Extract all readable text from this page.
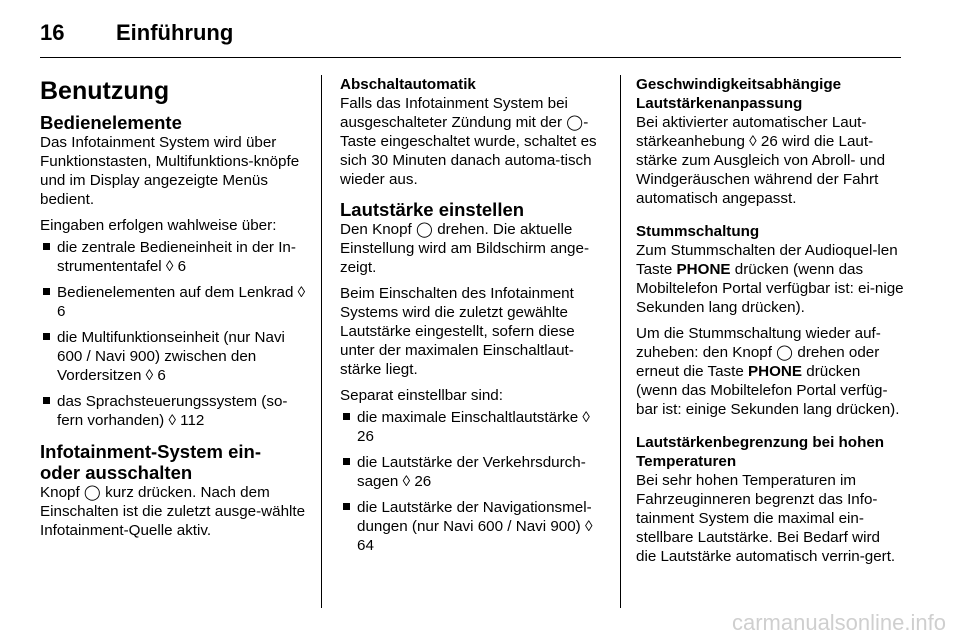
16 Einführung
Benutzung
Bedienelemente

Das Infotainment System wird über Funktionstasten, Multifunktions-knöpfe und im Display angezeigte Menüs bedient.

Eingaben erfolgen wahlweise über:

die zentrale Bedieneinheit in der In-strumententafel ◊ 6
Bedienelementen auf dem Lenkrad ◊ 6
die Multifunktionseinheit (nur Navi 600 / Navi 900) zwischen den Vordersitzen ◊ 6
das Sprachsteuerungssystem (so-fern vorhanden) ◊ 112
Infotainment-System ein- oder ausschalten

Knopf ◯ kurz drücken. Nach dem Einschalten ist die zuletzt ausge-wählte Infotainment-Quelle aktiv.

Abschaltautomatik

Falls das Infotainment System bei ausgeschalteter Zündung mit der ◯-Taste eingeschaltet wurde, schaltet es sich 30 Minuten danach automa-tisch wieder aus.

Lautstärke einstellen

Den Knopf ◯ drehen. Die aktuelle Einstellung wird am Bildschirm ange-zeigt.

Beim Einschalten des Infotainment Systems wird die zuletzt gewählte Lautstärke eingestellt, sofern diese unter der maximalen Einschaltlaut-stärke liegt.

Separat einstellbar sind:

die maximale Einschaltlautstärke ◊ 26
die Lautstärke der Verkehrsdurch-sagen ◊ 26
die Lautstärke der Navigationsmel-dungen (nur Navi 600 / Navi 900) ◊ 64
Geschwindigkeitsabhängige Lautstärkenanpassung

Bei aktivierter automatischer Laut-stärkeanhebung ◊ 26 wird die Laut-stärke zum Ausgleich von Abroll- und Windgeräuschen während der Fahrt automatisch angepasst.

Stummschaltung

Zum Stummschalten der Audioquel-len Taste PHONE drücken (wenn das Mobiltelefon Portal verfügbar ist: ei-nige Sekunden lang drücken).

Um die Stummschaltung wieder auf-zuheben: den Knopf ◯ drehen oder erneut die Taste PHONE drücken (wenn das Mobiltelefon Portal verfüg-bar ist: einige Sekunden lang drücken).

Lautstärkenbegrenzung bei hohen Temperaturen

Bei sehr hohen Temperaturen im Fahrzeuginneren begrenzt das Info-tainment System die maximal ein-stellbare Lautstärke. Bei Bedarf wird die Lautstärke automatisch verrin-gert.

carmanualsonline.info
